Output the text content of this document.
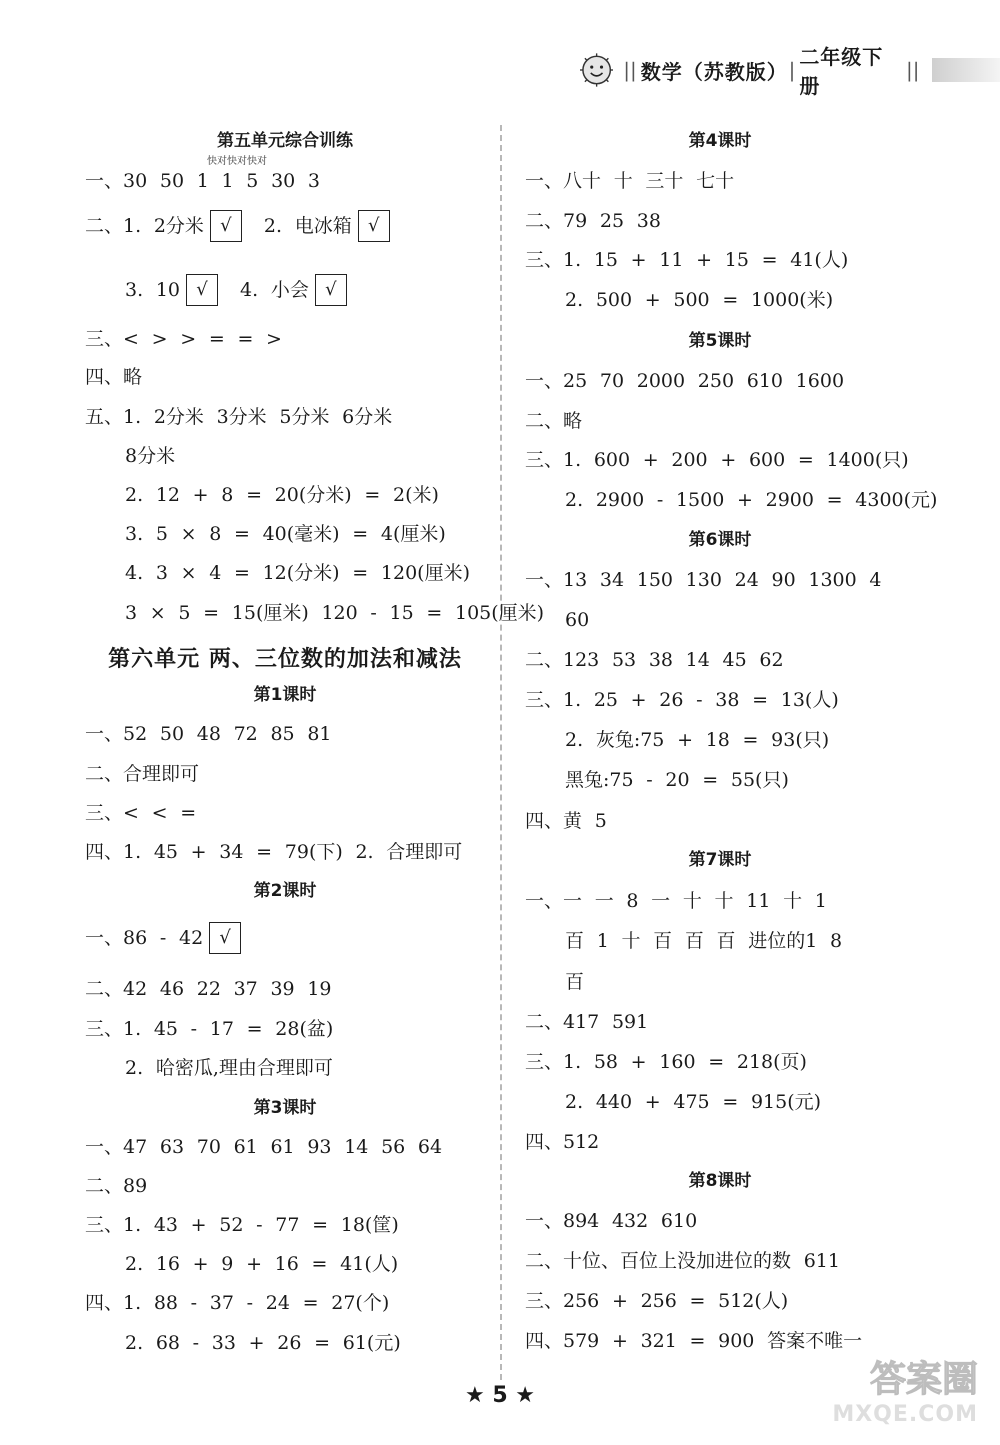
|| 数学（苏教版） |
二年级下册
||
第五单元综合训练
快对快对快对
一、30 50 1 1 5 30 3
二、1. 2分米 √	2. 电冰箱 √
3. 10 √	4. 小会 √
三、< > > = = >
四、略
五、1. 2分米 3分米 5分米 6分米
8分米
2. 12 + 8 = 20(分米) = 2(米)
3. 5 × 8 = 40(毫米) = 4(厘米)
4. 3 × 4 = 12(分米) = 120(厘米)
3 × 5 = 15(厘米) 120 - 15 = 105(厘米)
第六单元 两、三位数的加法和减法
第1课时
一、52 50 48 72 85 81
二、合理即可
三、< < =
四、1. 45 + 34 = 79(下) 2. 合理即可
第2课时
一、86 - 42 √
二、42 46 22 37 39 19
三、1. 45 - 17 = 28(盆)
2. 哈密瓜,理由合理即可
第3课时
一、47 63 70 61 61 93 14 56 64
二、89
三、1. 43 + 52 - 77 = 18(筐)
2. 16 + 9 + 16 = 41(人)
四、1. 88 - 37 - 24 = 27(个)
2. 68 - 33 + 26 = 61(元)
第4课时
一、八十 十 三十 七十
二、79 25 38
三、1. 15 + 11 + 15 = 41(人)
2. 500 + 500 = 1000(米)
第5课时
一、25 70 2000 250 610 1600
二、略
三、1. 600 + 200 + 600 = 1400(只)
2. 2900 - 1500 + 2900 = 4300(元)
第6课时
一、13 34 150 130 24 90 1300 4
60
二、123 53 38 14 45 62
三、1. 25 + 26 - 38 = 13(人)
2. 灰兔:75 + 18 = 93(只)
黑兔:75 - 20 = 55(只)
四、黄 5
第7课时
一、一 一 8 一 十 十 11 十 1
百 1 十 百 百 百 进位的1 8
百
二、417 591
三、1. 58 + 160 = 218(页)
2. 440 + 475 = 915(元)
四、512
第8课时
一、894 432 610
二、十位、百位上没加进位的数 611
三、256 + 256 = 512(人)
四、579 + 321 = 900 答案不唯一
★ 5 ★	答案圈
MXQE.COM
